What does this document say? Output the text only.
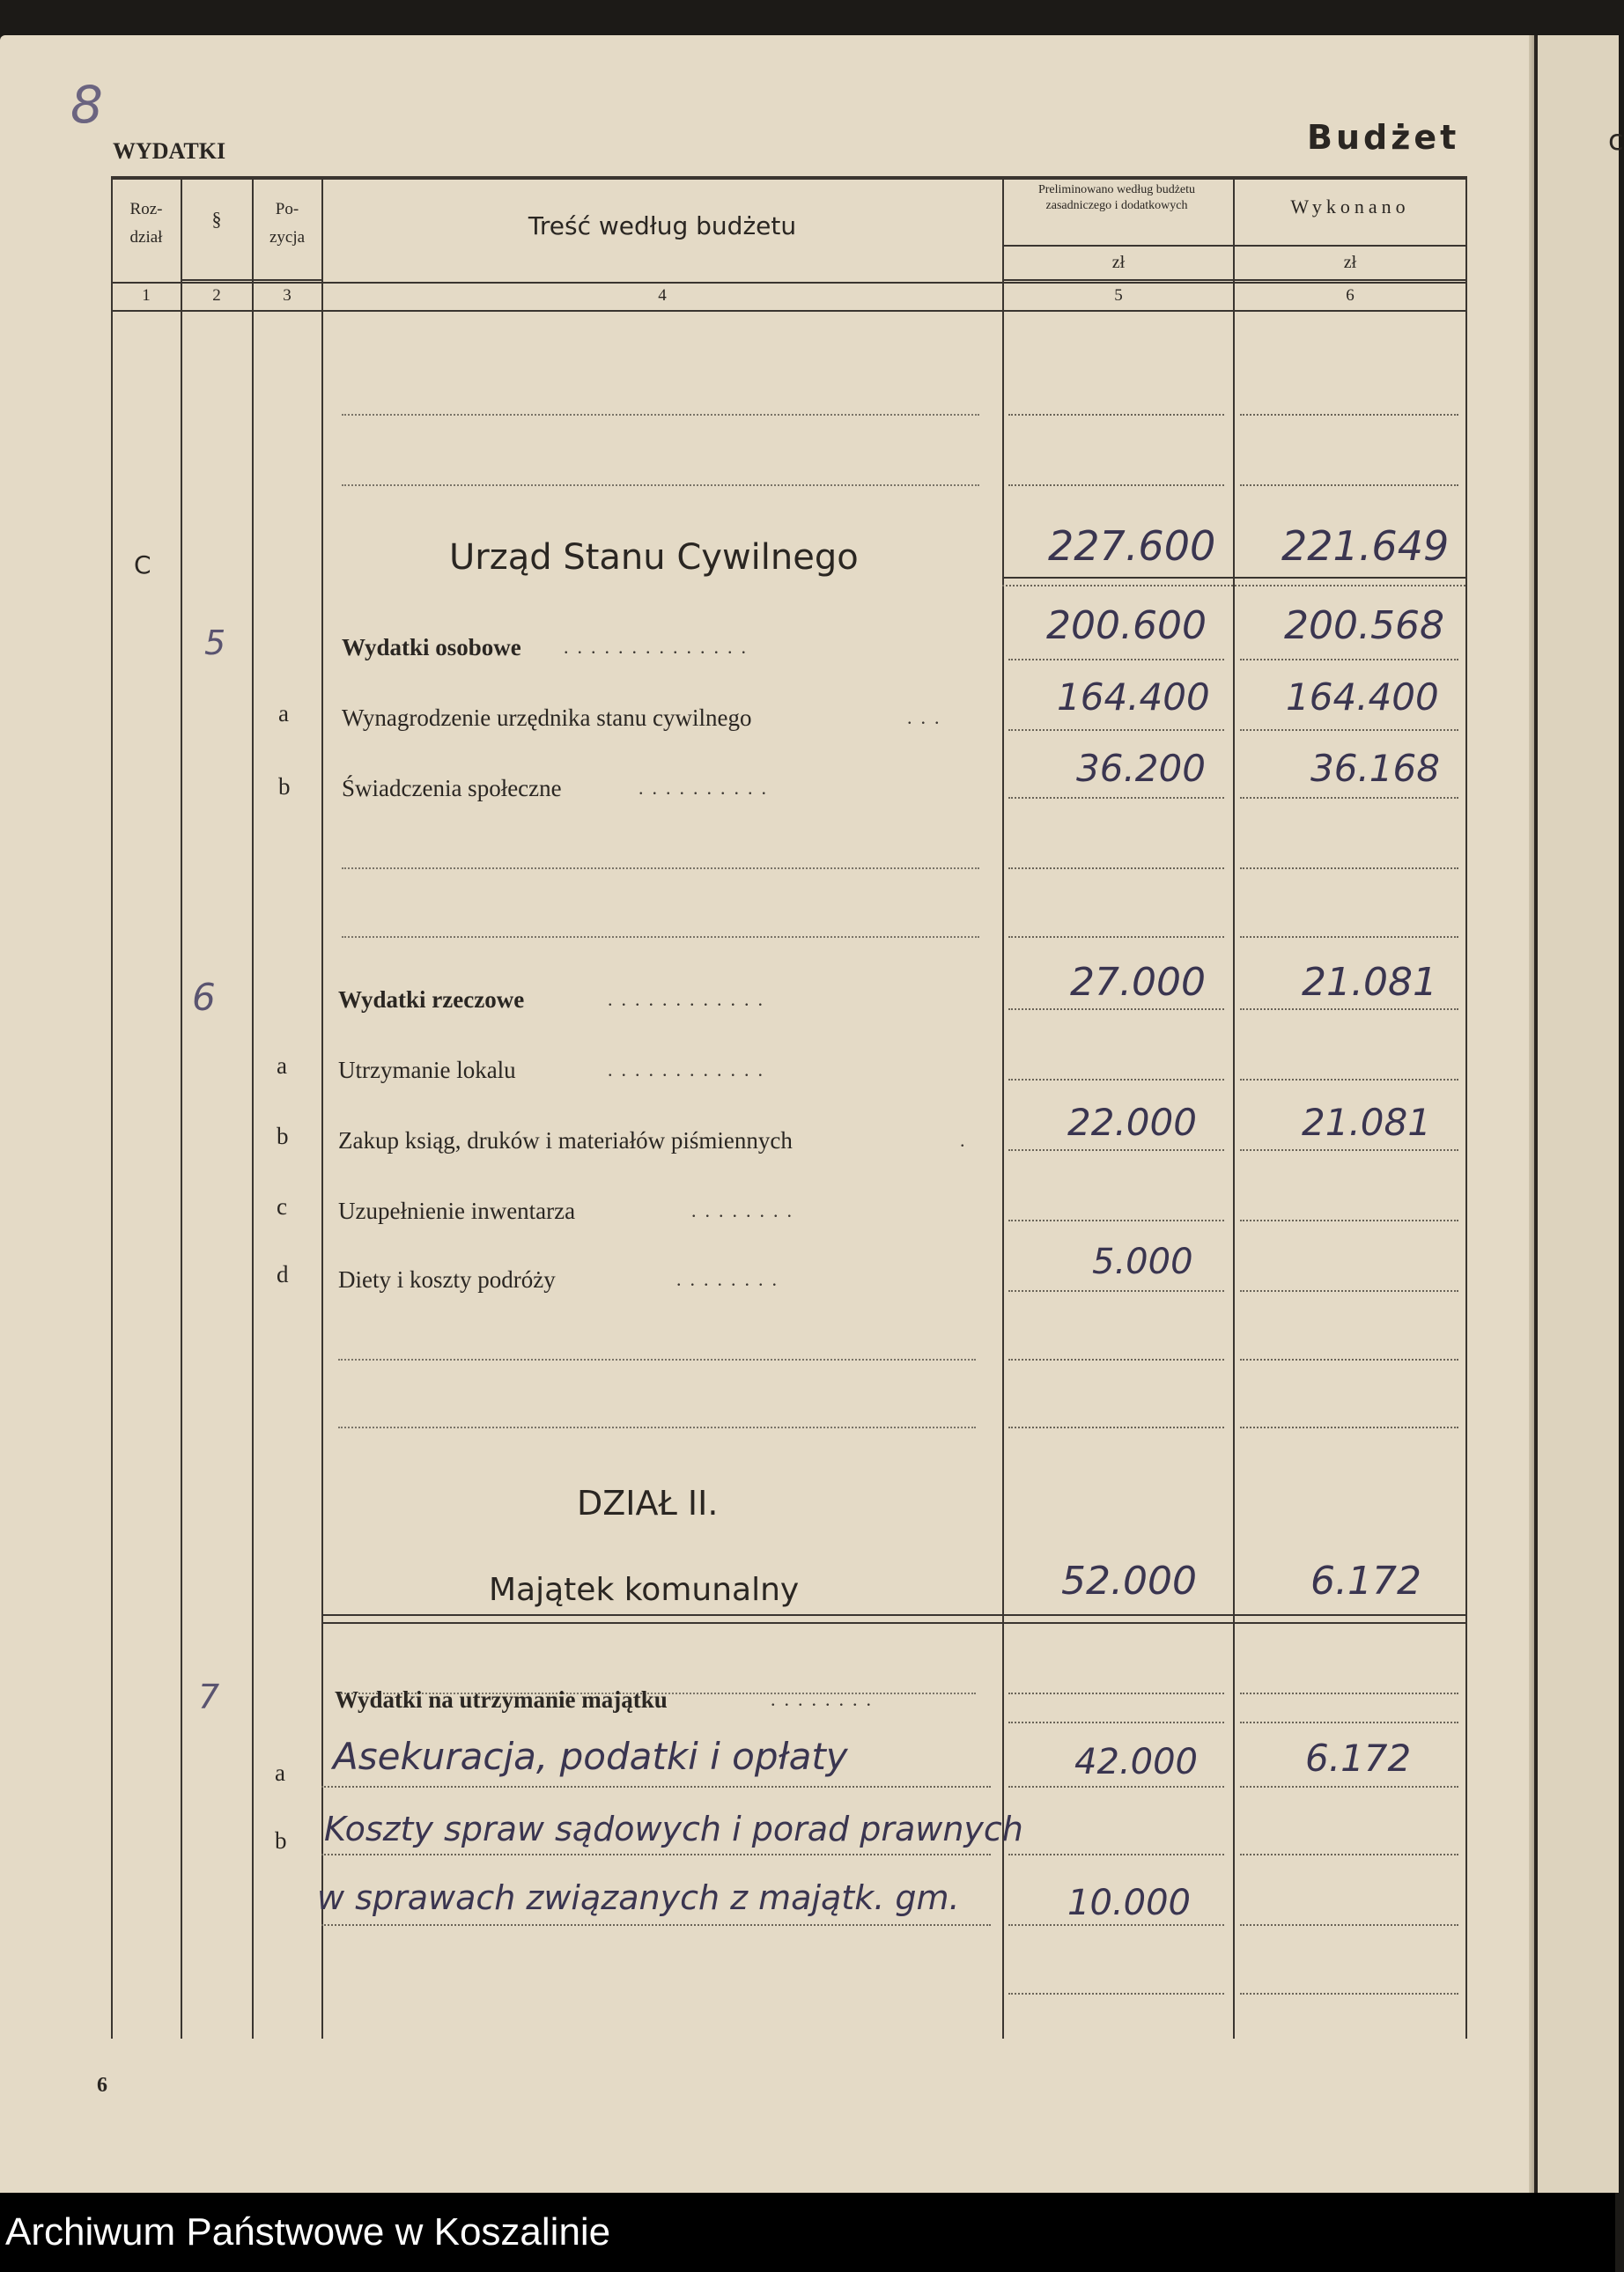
c
8
WYDATKI	Budżet
Roz-
dział
§	Po-
zycja	Treść według budżetu
Preliminowano według budżetu zasadniczego i dodatkowych	Wykonano
zł	zł
1	2	3	4	5	6
C	Urząd Stanu Cywilnego	227.600 221.649
5	Wydatki osobowe ..............	200.600 200.568
a Wynagrodzenie urzędnika stanu cywilnego	...	164.400 164.400
b Świadczenia społeczne	..........	36.200	36.168
6	Wydatki rzeczowe	............	27.000 21.081
a Utrzymanie lokalu	............
b Zakup ksiąg, druków i materiałów piśmiennych	.	22.000	21.081
c Uzupełnienie inwentarza	........
d Diety i koszty podróży	........	5.000
DZIAŁ II.
Majątek komunalny	52.000	6.172
7	Wydatki na utrzymanie majątku	........
a Asekuracja, podatki i opłaty	42.000	6.172
b Koszty spraw sądowych i porad prawnych
w sprawach związanych z majątk. gm.	10.000
6
Archiwum Państwowe w Koszalinie
